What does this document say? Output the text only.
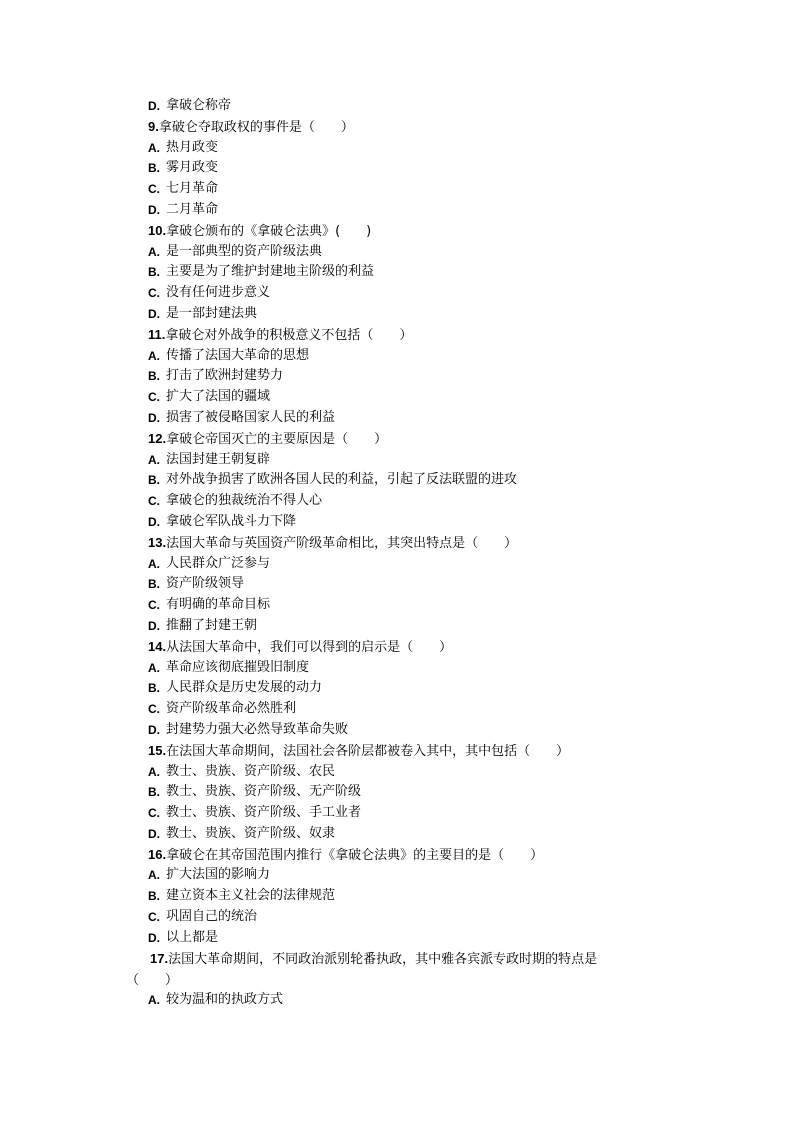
D. 拿破仑称帝
9.拿破仑夺取政权的事件是（　　）
A. 热月政变
B. 雾月政变
C. 七月革命
D. 二月革命
10.拿破仑颁布的《拿破仑法典》(　　)
A. 是一部典型的资产阶级法典
B. 主要是为了维护封建地主阶级的利益
C. 没有任何进步意义
D. 是一部封建法典
11.拿破仑对外战争的积极意义不包括（　　）
A. 传播了法国大革命的思想
B. 打击了欧洲封建势力
C. 扩大了法国的疆域
D. 损害了被侵略国家人民的利益
12.拿破仑帝国灭亡的主要原因是（　　）
A. 法国封建王朝复辟
B. 对外战争损害了欧洲各国人民的利益，引起了反法联盟的进攻
C. 拿破仑的独裁统治不得人心
D. 拿破仑军队战斗力下降
13.法国大革命与英国资产阶级革命相比，其突出特点是（　　）
A. 人民群众广泛参与
B. 资产阶级领导
C. 有明确的革命目标
D. 推翻了封建王朝
14.从法国大革命中，我们可以得到的启示是（　　）
A. 革命应该彻底摧毁旧制度
B. 人民群众是历史发展的动力
C. 资产阶级革命必然胜利
D. 封建势力强大必然导致革命失败
15.在法国大革命期间，法国社会各阶层都被卷入其中，其中包括（　　）
A. 教士、贵族、资产阶级、农民
B. 教士、贵族、资产阶级、无产阶级
C. 教士、贵族、资产阶级、手工业者
D. 教士、贵族、资产阶级、奴隶
16.拿破仑在其帝国范围内推行《拿破仑法典》的主要目的是（　　）
A. 扩大法国的影响力
B. 建立资本主义社会的法律规范
C. 巩固自己的统治
D. 以上都是
17.法国大革命期间，不同政治派别轮番执政，其中雅各宾派专政时期的特点是
（　　）
A. 较为温和的执政方式
